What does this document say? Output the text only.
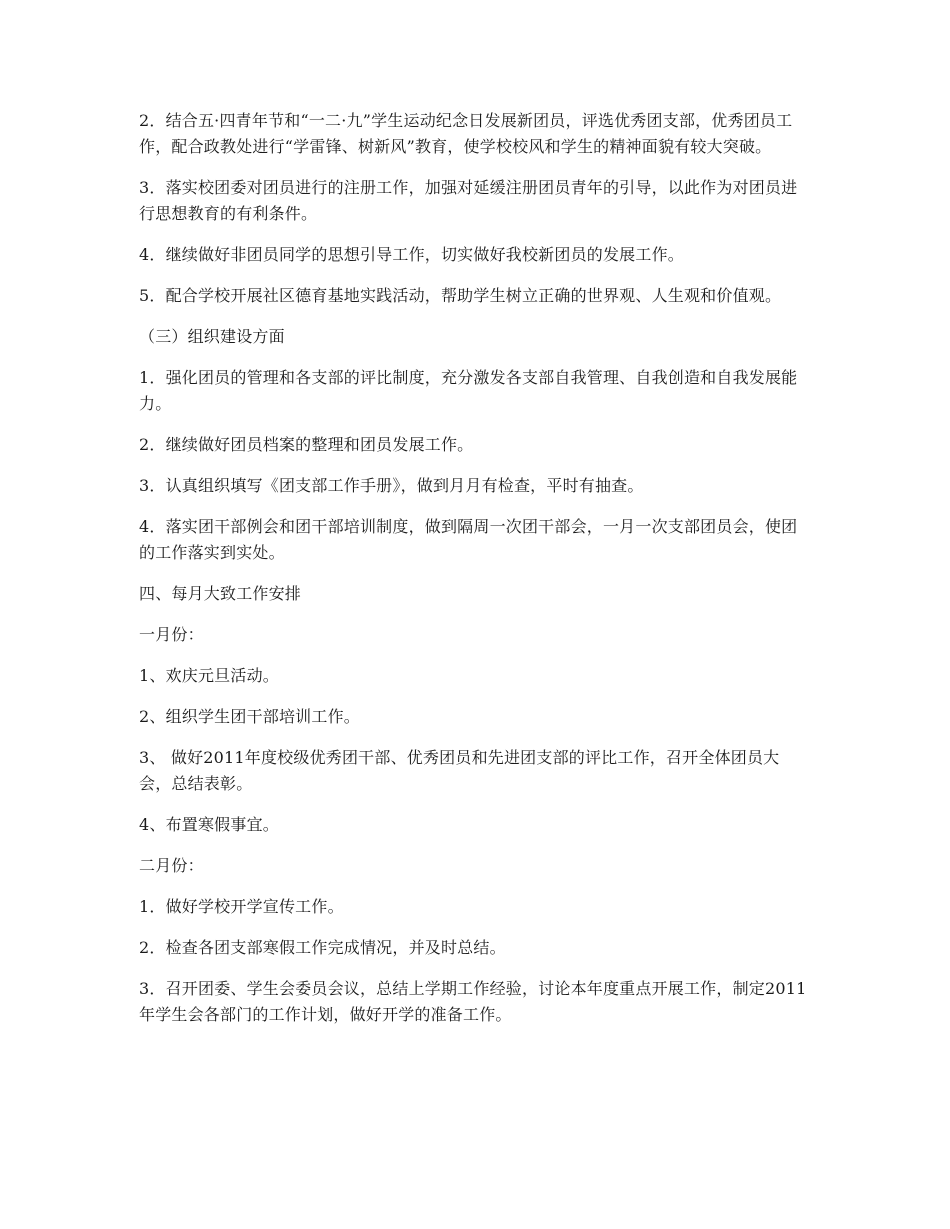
2．结合五·四青年节和“一二·九”学生运动纪念日发展新团员，评选优秀团支部，优秀团员工作，配合政教处进行“学雷锋、树新风”教育，使学校校风和学生的精神面貌有较大突破。

3．落实校团委对团员进行的注册工作，加强对延缓注册团员青年的引导，以此作为对团员进行思想教育的有利条件。

4．继续做好非团员同学的思想引导工作，切实做好我校新团员的发展工作。

5．配合学校开展社区德育基地实践活动，帮助学生树立正确的世界观、人生观和价值观。

（三）组织建设方面

1．强化团员的管理和各支部的评比制度，充分激发各支部自我管理、自我创造和自我发展能力。

2．继续做好团员档案的整理和团员发展工作。

3．认真组织填写《团支部工作手册》，做到月月有检查，平时有抽查。

4．落实团干部例会和团干部培训制度，做到隔周一次团干部会，一月一次支部团员会，使团的工作落实到实处。

四、每月大致工作安排

一月份：

1、欢庆元旦活动。

2、组织学生团干部培训工作。

3、 做好2011年度校级优秀团干部、优秀团员和先进团支部的评比工作，召开全体团员大会，总结表彰。

4、布置寒假事宜。

二月份：

1．做好学校开学宣传工作。

2．检查各团支部寒假工作完成情况，并及时总结。

3．召开团委、学生会委员会议，总结上学期工作经验，讨论本年度重点开展工作，制定2011年学生会各部门的工作计划，做好开学的准备工作。
